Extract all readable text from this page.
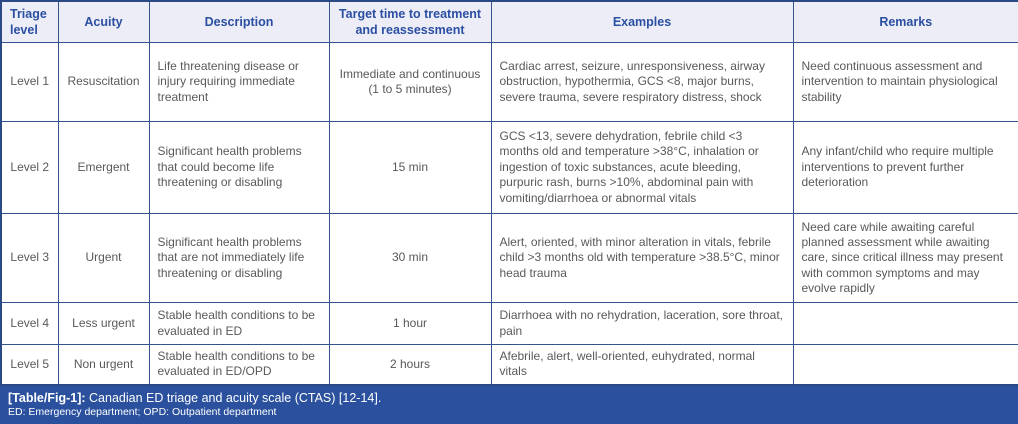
Triage level	Acuity	Description	Target time to treatment and reassessment	Examples	Remarks
Level 1	Resuscitation	Life threatening disease or injury requiring immediate treatment	Immediate and continuous (1 to 5 minutes)	Cardiac arrest, seizure, unresponsiveness, airway obstruction, hypothermia, GCS <8, major burns, severe trauma, severe respiratory distress, shock	Need continuous assessment and intervention to maintain physiological stability
Level 2	Emergent	Significant health problems that could become life threatening or disabling	15 min	GCS <13, severe dehydration, febrile child <3 months old and temperature >38°C, inhalation or ingestion of toxic substances, acute bleeding, purpuric rash, burns >10%, abdominal pain with vomiting/diarrhoea or abnormal vitals	Any infant/child who require multiple interventions to prevent further deterioration
Level 3	Urgent	Significant health problems that are not immediately life threatening or disabling	30 min	Alert, oriented, with minor alteration in vitals, febrile child >3 months old with temperature >38.5°C, minor head trauma	Need care while awaiting careful planned assessment while awaiting care, since critical illness may present with common symptoms and may evolve rapidly
Level 4	Less urgent	Stable health conditions to be evaluated in ED	1 hour	Diarrhoea with no rehydration, laceration, sore throat, pain	
Level 5	Non urgent	Stable health conditions to be evaluated in ED/OPD	2 hours	Afebrile, alert, well-oriented, euhydrated, normal vitals	
[Table/Fig-1]: Canadian ED triage and acuity scale (CTAS) [12-14].
ED: Emergency department; OPD: Outpatient department
